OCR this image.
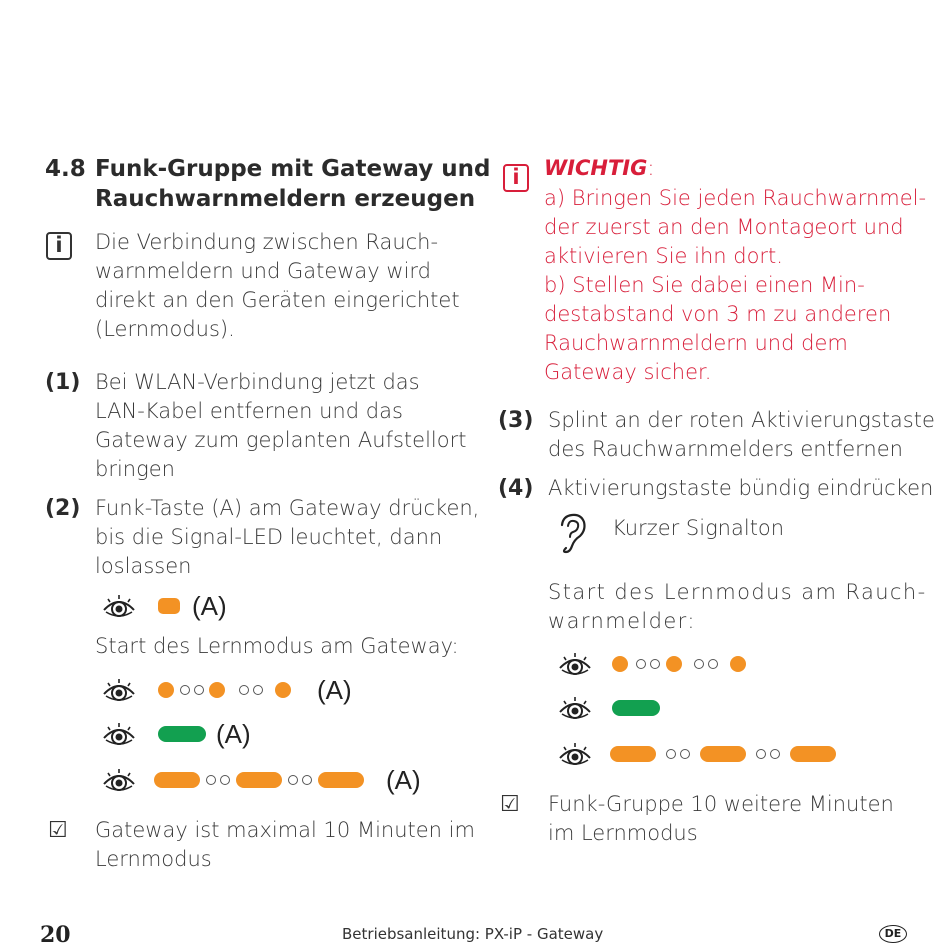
4.8 Funk-Gruppe mit Gateway und
Rauchwarnmeldern erzeugen
i	Die Verbindung zwischen Rauch-
warnmeldern und Gateway wird
direkt an den Geräten eingerichtet
(Lernmodus).
(1) Bei WLAN-Verbindung jetzt das
LAN-Kabel entfernen und das
Gateway zum geplanten Aufstellort
bringen
(2) Funk-Taste (A) am Gateway drücken,
bis die Signal-LED leuchtet, dann
loslassen
(A)
Start des Lernmodus am Gateway:
(A)
(A)
(A)
☑ Gateway ist maximal 10 Minuten im
Lernmodus
i	WICHTIG:
a) Bringen Sie jeden Rauchwarnmel-
der zuerst an den Montageort und
aktivieren Sie ihn dort.
b) Stellen Sie dabei einen Min-
destabstand von 3 m zu anderen
Rauchwarnmeldern und dem
Gateway sicher.
(3) Splint an der roten Aktivierungstaste
des Rauchwarnmelders entfernen
(4) Aktivierungstaste bündig eindrücken
Kurzer Signalton
Start des Lernmodus am Rauch-
warnmelder:
☑ Funk-Gruppe 10 weitere Minuten
im Lernmodus
20	Betriebsanleitung: PX-iP - Gateway	DE
